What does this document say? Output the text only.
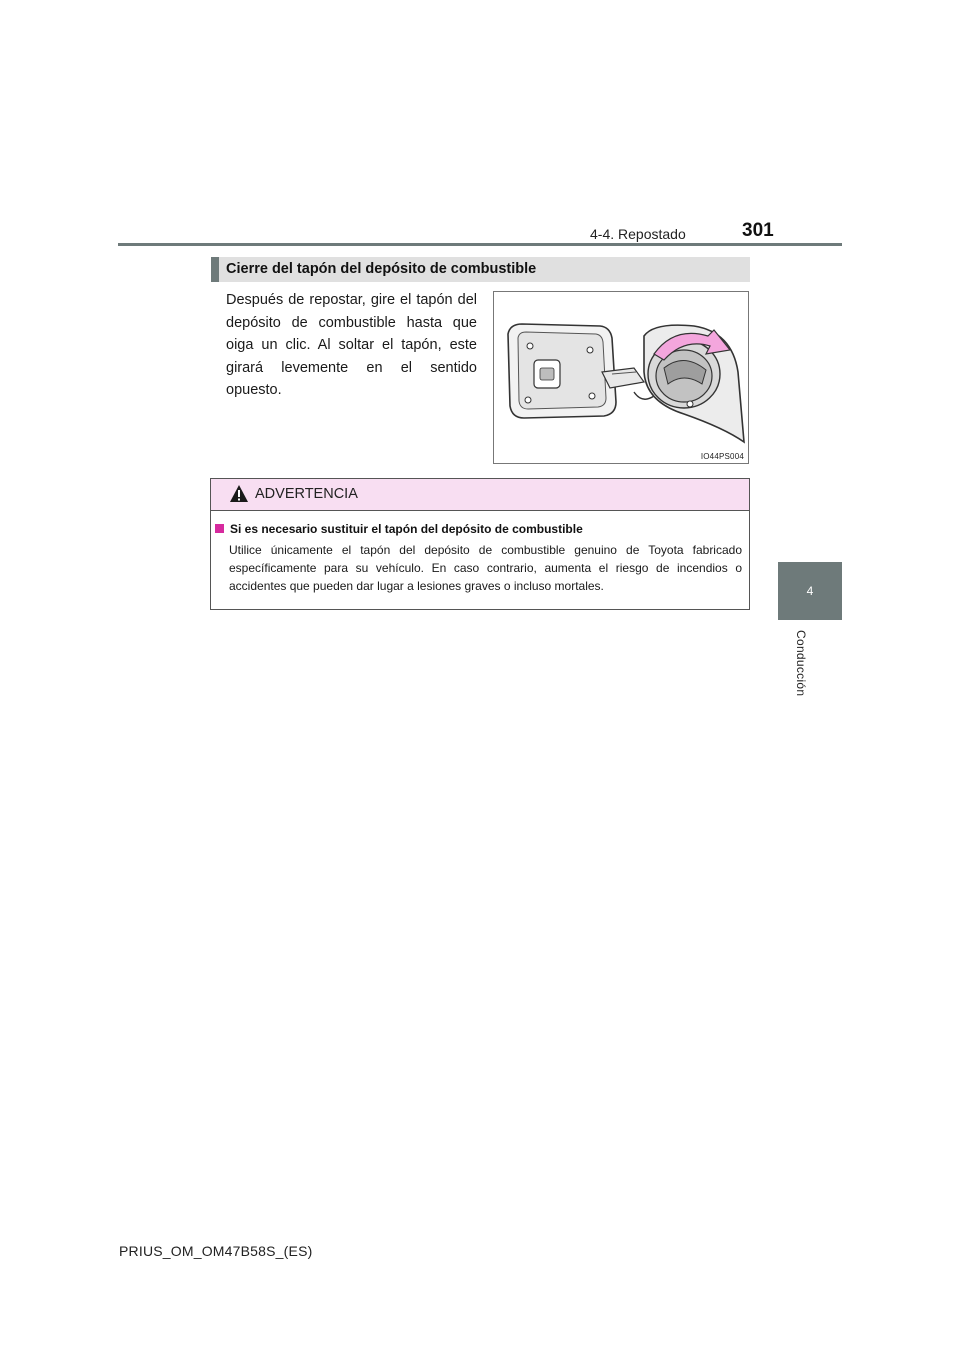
4-4. Repostado	301
4
Conducción
Cierre del tapón del depósito de combustible
Después de repostar, gire el tapón del depósito de combustible hasta que oiga un clic. Al soltar el tapón, este girará levemente en el sentido opuesto.
IO44PS004
ADVERTENCIA
Si es necesario sustituir el tapón del depósito de combustible
Utilice únicamente el tapón del depósito de combustible genuino de Toyota fabricado específicamente para su vehículo. En caso contrario, aumenta el riesgo de incendios o accidentes que pueden dar lugar a lesiones graves o incluso mortales.
PRIUS_OM_OM47B58S_(ES)
